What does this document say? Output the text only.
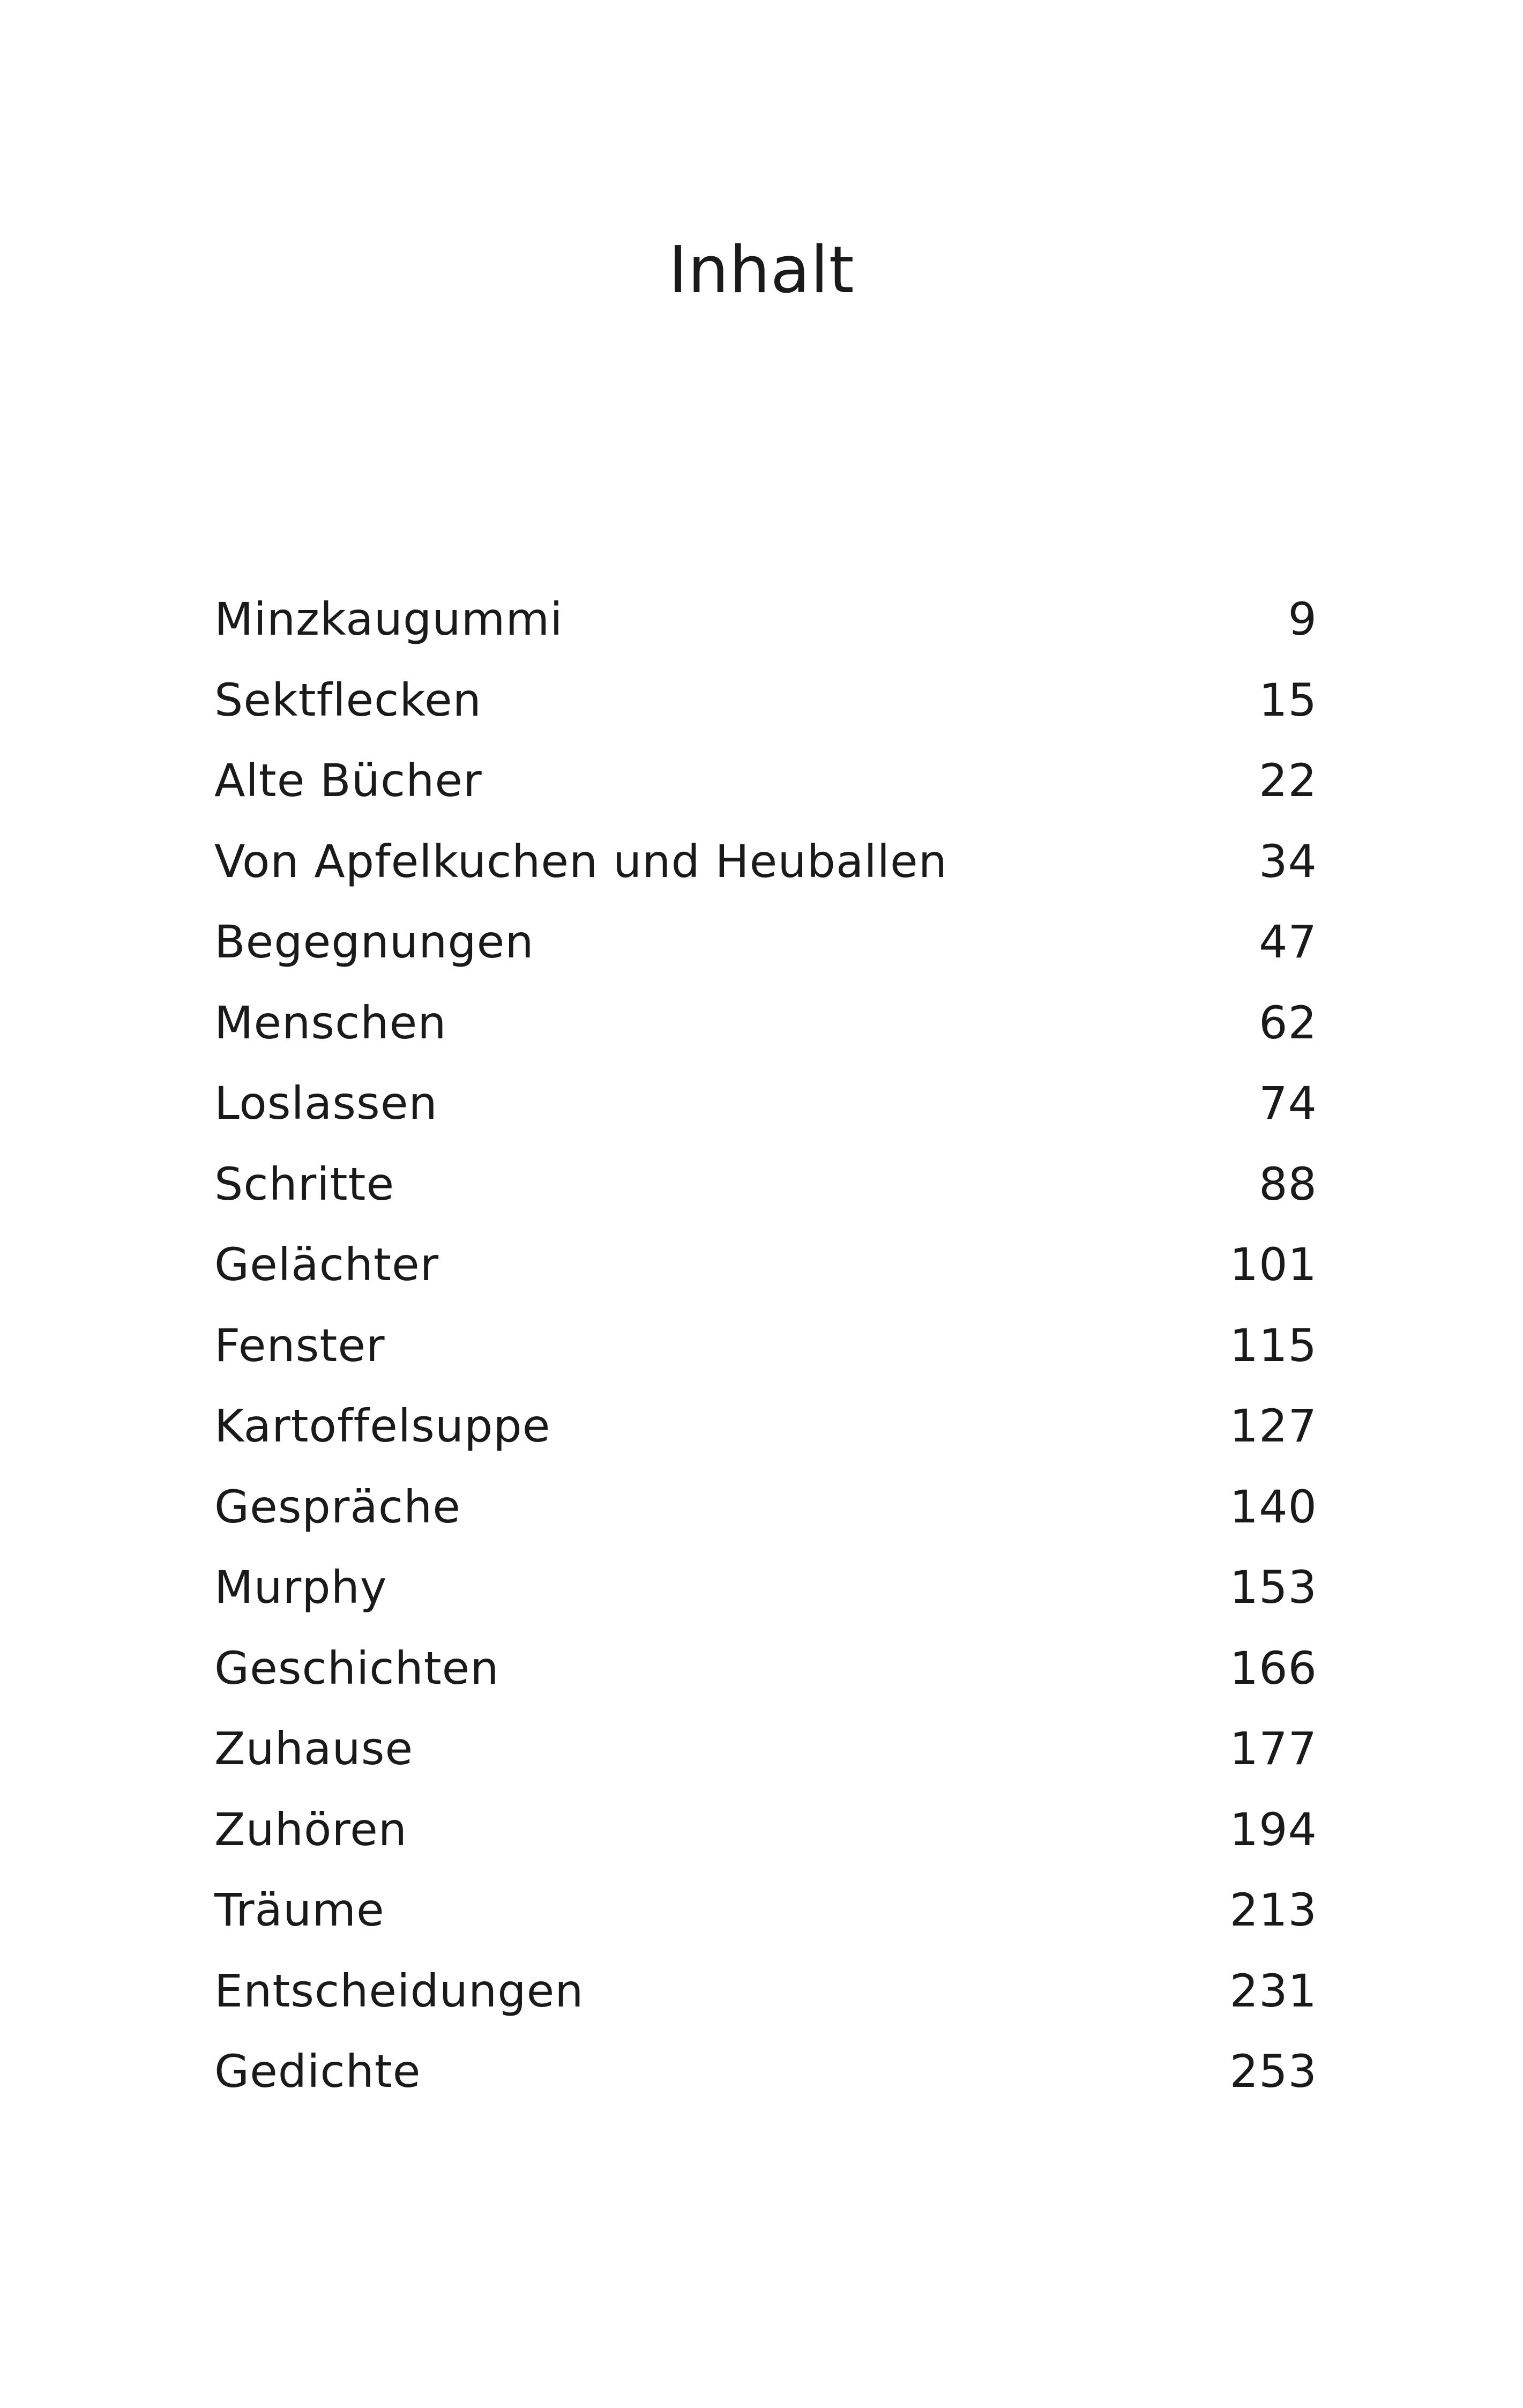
Inhalt
Minzkaugummi	9
Sektflecken	15
Alte Bücher	22
Von Apfelkuchen und Heuballen	34
Begegnungen	47
Menschen	62
Loslassen	74
Schritte	88
Gelächter	101
Fenster	115
Kartoffelsuppe	127
Gespräche	140
Murphy	153
Geschichten	166
Zuhause	177
Zuhören	194
Träume	213
Entscheidungen	231
Gedichte	253
